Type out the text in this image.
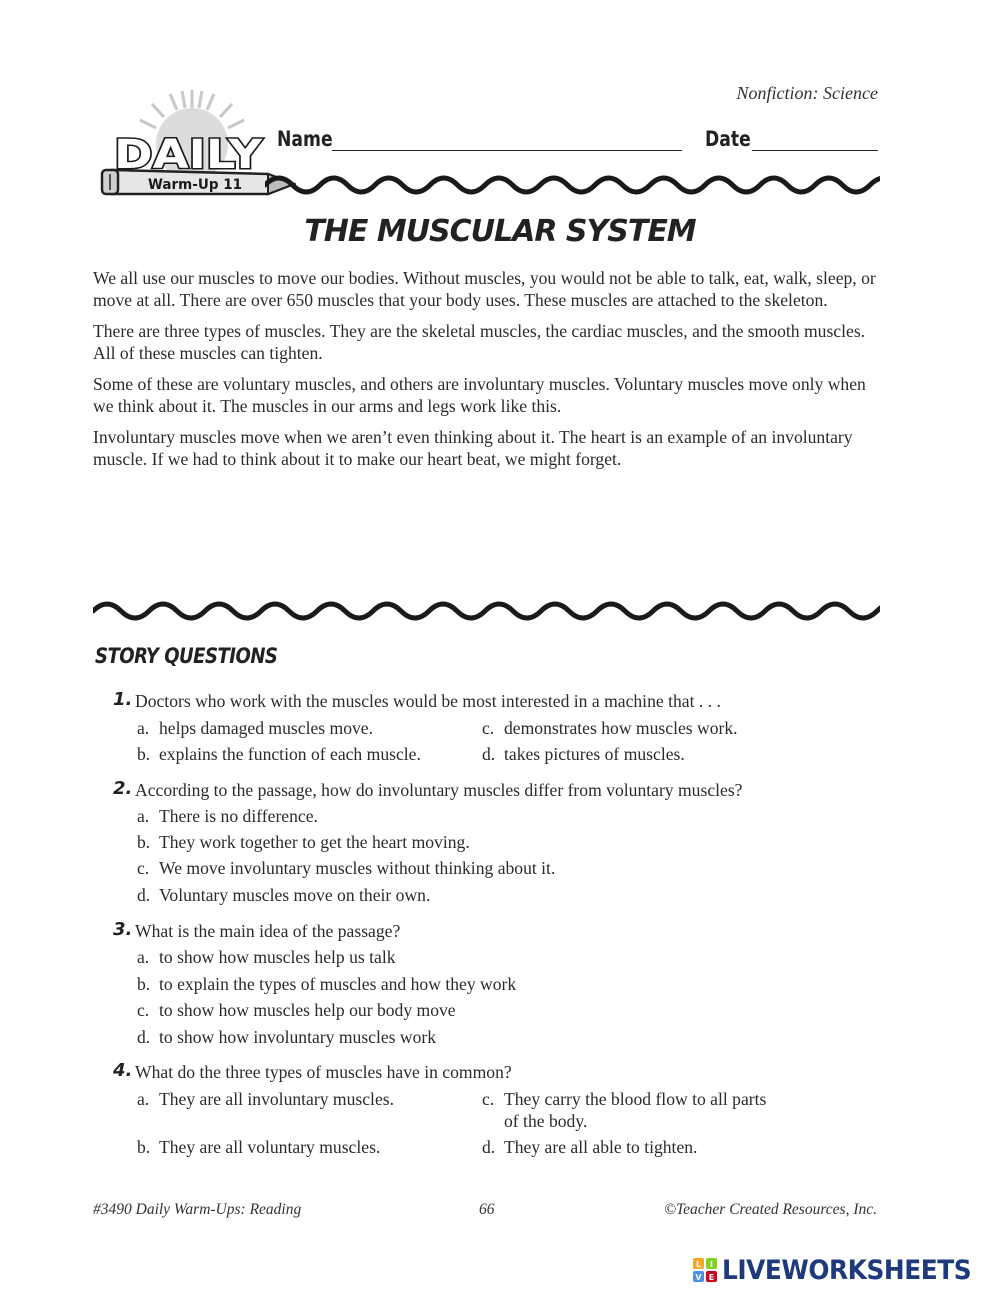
Nonfiction: Science
DAILY
Warm-Up 11
Name	Date
THE MUSCULAR SYSTEM

We all use our muscles to move our bodies. Without muscles, you would not be able to talk, eat, walk, sleep, or move at all. There are over 650 muscles that your body uses. These muscles are attached to the skeleton.

There are three types of muscles. They are the skeletal muscles, the cardiac muscles, and the smooth muscles. All of these muscles can tighten.

Some of these are voluntary muscles, and others are involuntary muscles. Voluntary muscles move only when we think about it. The muscles in our arms and legs work like this.

Involuntary muscles move when we aren’t even thinking about it. The heart is an example of an involuntary muscle. If we had to think about it to make our heart beat, we might forget.

STORY QUESTIONS
1. Doctors who work with the muscles would be most interested in a machine that . . .
a. helps damaged muscles move.
b. explains the function of each muscle.
c. demonstrates how muscles work.
d. takes pictures of muscles.
2. According to the passage, how do involuntary muscles differ from voluntary muscles?
a. There is no difference.
b. They work together to get the heart moving.
c. We move involuntary muscles without thinking about it.
d. Voluntary muscles move on their own.
3. What is the main idea of the passage?
a. to show how muscles help us talk
b. to explain the types of muscles and how they work
c. to show how muscles help our body move
d. to show how involuntary muscles work
4. What do the three types of muscles have in common?
a. They are all involuntary muscles.
b. They are all voluntary muscles.
c. They carry the blood flow to all parts
of the body.
d. They are all able to tighten.
#3490 Daily Warm-Ups: Reading	66	©Teacher Created Resources, Inc.
L I
V E LIVEWORKSHEETS
